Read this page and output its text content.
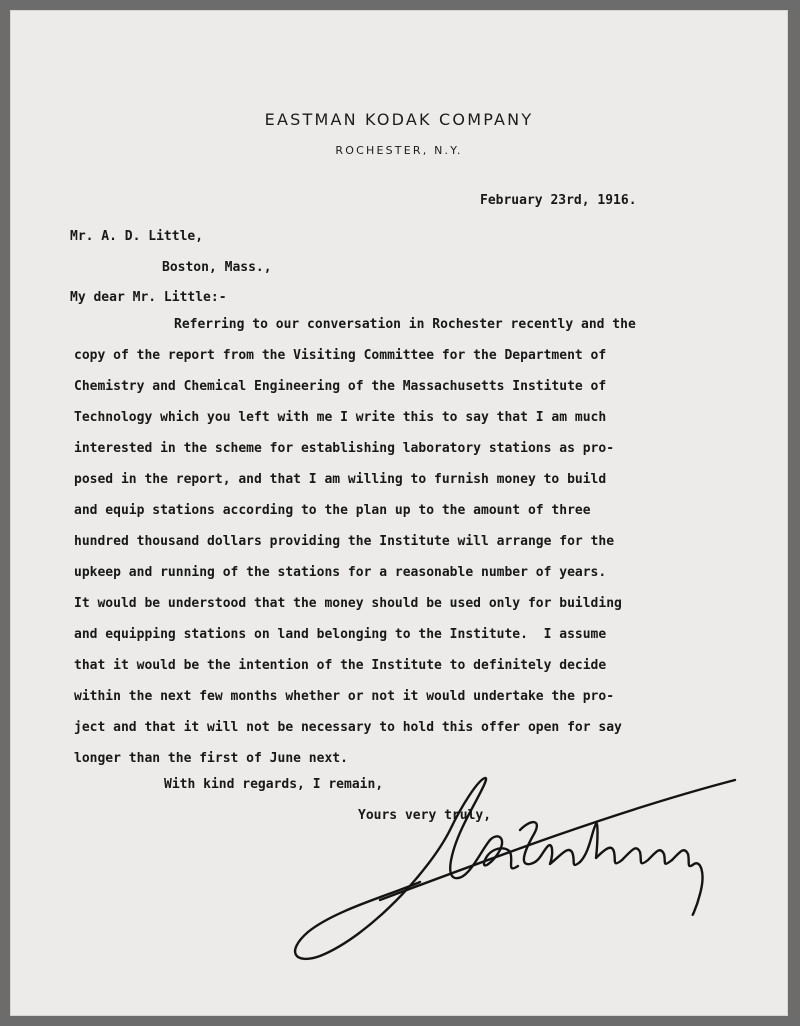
EASTMAN KODAK COMPANY
ROCHESTER, N.Y.
February 23rd, 1916.
Mr. A. D. Little,
Boston, Mass.,
My dear Mr. Little:-
Referring to our conversation in Rochester recently and the
copy of the report from the Visiting Committee for the Department of
Chemistry and Chemical Engineering of the Massachusetts Institute of
Technology which you left with me I write this to say that I am much
interested in the scheme for establishing laboratory stations as pro-
posed in the report, and that I am willing to furnish money to build
and equip stations according to the plan up to the amount of three
hundred thousand dollars providing the Institute will arrange for the
upkeep and running of the stations for a reasonable number of years.
It would be understood that the money should be used only for building
and equipping stations on land belonging to the Institute.  I assume
that it would be the intention of the Institute to definitely decide
within the next few months whether or not it would undertake the pro-
ject and that it will not be necessary to hold this offer open for say
longer than the first of June next.
With kind regards, I remain,
Yours very truly,
